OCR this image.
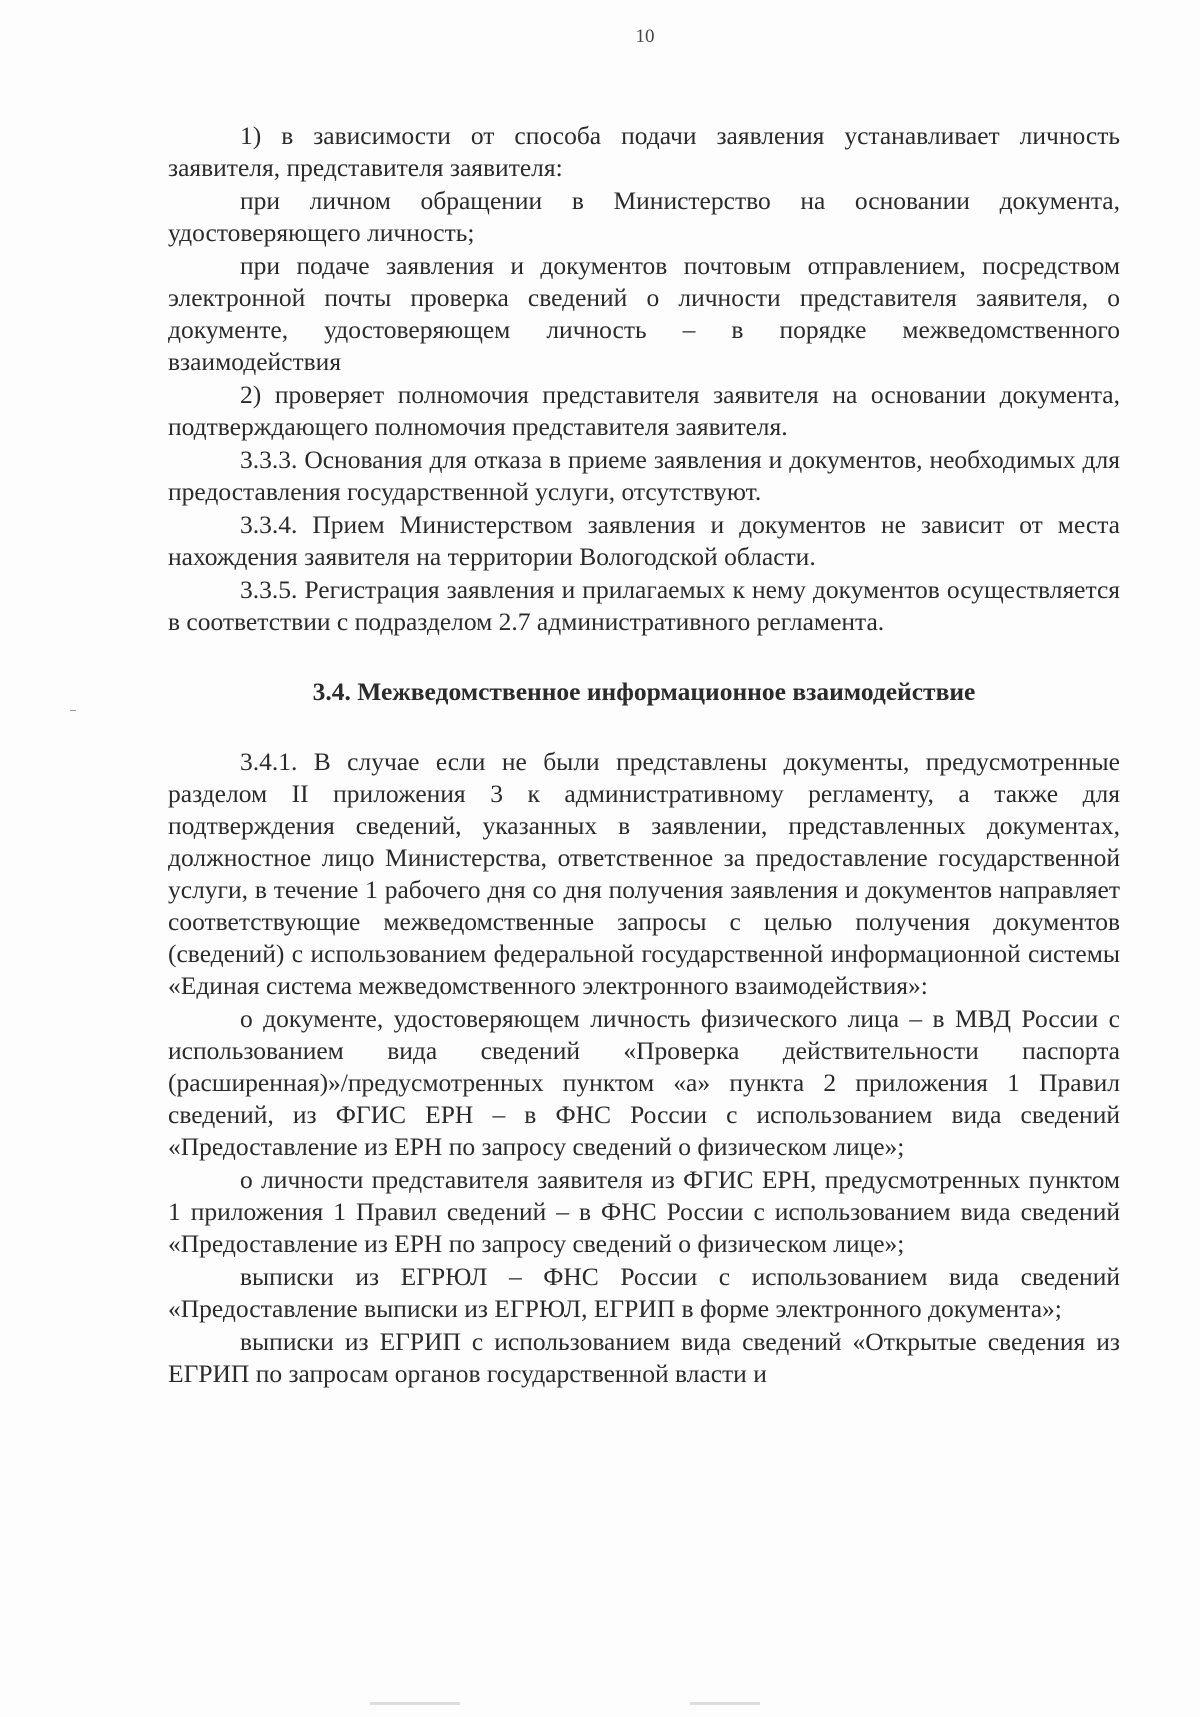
10

1) в зависимости от способа подачи заявления устанавливает личность заявителя, представителя заявителя:

при личном обращении в Министерство на основании документа, удостоверяющего личность;

при подаче заявления и документов почтовым отправлением, посредством электронной почты проверка сведений о личности представителя заявителя, о документе, удостоверяющем личность – в порядке межведомственного взаимодействия

2) проверяет полномочия представителя заявителя на основании документа, подтверждающего полномочия представителя заявителя.

3.3.3. Основания для отказа в приеме заявления и документов, необходимых для предоставления государственной услуги, отсутствуют.

3.3.4. Прием Министерством заявления и документов не зависит от места нахождения заявителя на территории Вологодской области.

3.3.5. Регистрация заявления и прилагаемых к нему документов осуществляется в соответствии с подразделом 2.7 административного регламента.

3.4. Межведомственное информационное взаимодействие

3.4.1. В случае если не были представлены документы, предусмотренные разделом II приложения 3 к административному регламенту, а также для подтверждения сведений, указанных в заявлении, представленных документах, должностное лицо Министерства, ответственное за предоставление государственной услуги, в течение 1 рабочего дня со дня получения заявления и документов направляет соответствующие межведомственные запросы с целью получения документов (сведений) с использованием федеральной государственной информационной системы «Единая система межведомственного электронного взаимодействия»:

о документе, удостоверяющем личность физического лица – в МВД России с использованием вида сведений «Проверка действительности паспорта (расширенная)»/предусмотренных пунктом «а» пункта 2 приложения 1 Правил сведений, из ФГИС ЕРН – в ФНС России с использованием вида сведений «Предоставление из ЕРН по запросу сведений о физическом лице»;

о личности представителя заявителя из ФГИС ЕРН, предусмотренных пунктом 1 приложения 1 Правил сведений – в ФНС России с использованием вида сведений «Предоставление из ЕРН по запросу сведений о физическом лице»;

выписки из ЕГРЮЛ – ФНС России с использованием вида сведений «Предоставление выписки из ЕГРЮЛ, ЕГРИП в форме электронного документа»;

выписки из ЕГРИП с использованием вида сведений «Открытые сведения из ЕГРИП по запросам органов государственной власти и
